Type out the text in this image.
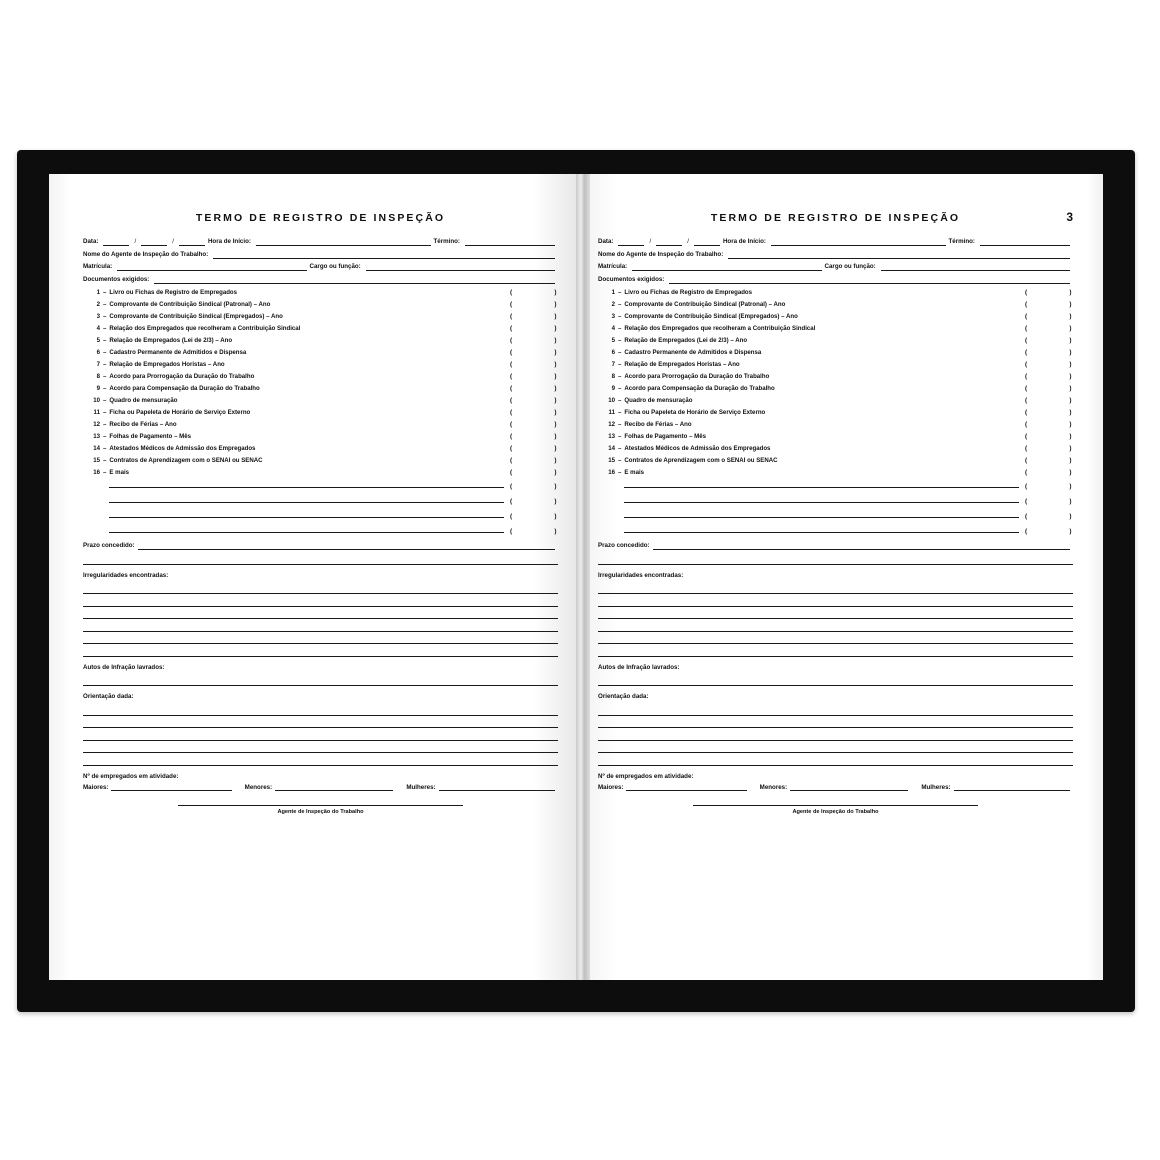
TERMO DE REGISTRO DE INSPEÇÃO
Data:	/	/	Hora de Início:	Término:
Nome do Agente de Inspeção do Trabalho:
Matrícula:	Cargo ou função:
Documentos exigidos:
1 – Livro ou Fichas de Registro de Empregados	(	)
2 – Comprovante de Contribuição Sindical (Patronal) – Ano	(	)
3 – Comprovante de Contribuição Sindical (Empregados) – Ano	(	)
4 – Relação dos Empregados que recolheram a Contribuição Sindical	(	)
5 – Relação de Empregados (Lei dе 2/3) – Ano	(	)
6 – Cadastro Permanente de Admitidos e Dispensa	(	)
7 – Relação de Empregados Horistas – Ano	(	)
8 – Acordo para Prorrogação da Duração do Trabalho	(	)
9 – Acordo para Compensação da Duração do Trabalho	(	)
10 – Quadro de mensuração	(	)
11 – Ficha ou Papeleta de Horário de Serviço Externo	(	)
12 – Recibo de Férias – Ano	(	)
13 – Folhas de Pagamento – Mês	(	)
14 – Atestados Médicos de Admissão dos Empregados	(	)
15 – Contratos de Aprendizagem com o SENAI ou SENAC	(	)
16 – E mais	(	)
(	)
(	)
(	)
(	)
Prazo concedido:
Irregularidades encontradas:
Autos de Infração lavrados:
Orientação dada:
Nº de empregados em atividade:
Maiores:	Menores:	Mulheres:
Agente de Inspeção do Trabalho
TERMO DE REGISTRO DE INSPEÇÃO	3
Data:	/	/	Hora de Início:	Término:
Nome do Agente de Inspeção do Trabalho:
Matrícula:	Cargo ou função:
Documentos exigidos:
1 – Livro ou Fichas de Registro de Empregados	(	)
2 – Comprovante de Contribuição Sindical (Patronal) – Ano	(	)
3 – Comprovante de Contribuição Sindical (Empregados) – Ano	(	)
4 – Relação dos Empregados que recolheram a Contribuição Sindical	(	)
5 – Relação de Empregados (Lei dе 2/3) – Ano	(	)
6 – Cadastro Permanente de Admitidos e Dispensa	(	)
7 – Relação de Empregados Horistas – Ano	(	)
8 – Acordo para Prorrogação da Duração do Trabalho	(	)
9 – Acordo para Compensação da Duração do Trabalho	(	)
10 – Quadro de mensuração	(	)
11 – Ficha ou Papeleta de Horário de Serviço Externo	(	)
12 – Recibo de Férias – Ano	(	)
13 – Folhas de Pagamento – Mês	(	)
14 – Atestados Médicos de Admissão dos Empregados	(	)
15 – Contratos de Aprendizagem com o SENAI ou SENAC	(	)
16 – E mais	(	)
(	)
(	)
(	)
(	)
Prazo concedido:
Irregularidades encontradas:
Autos de Infração lavrados:
Orientação dada:
Nº de empregados em atividade:
Maiores:	Menores:	Mulheres:
Agente de Inspeção do Trabalho
